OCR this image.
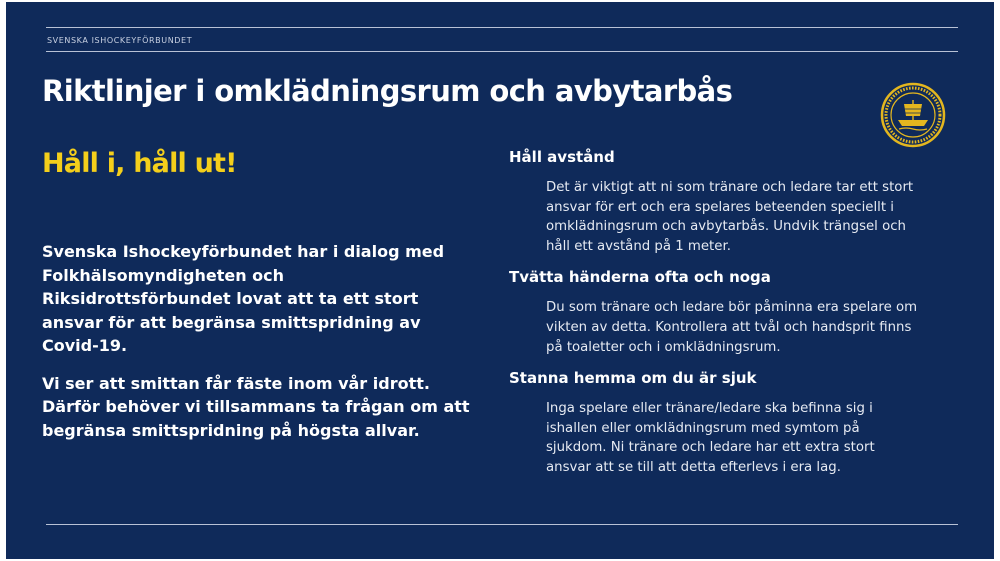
SVENSKA ISHOCKEYFÖRBUNDET
Riktlinjer i omklädningsrum och avbytarbås
Håll i, håll ut!

Svenska Ishockeyförbundet har i dialog med Folkhälsomyndigheten och Riksidrottsförbundet lovat att ta ett stort ansvar för att begränsa smittspridning av Covid-19.

Vi ser att smittan får fäste inom vår idrott. Därför behöver vi tillsammans ta frågan om att begränsa smittspridning på högsta allvar.

Håll avstånd
Det är viktigt att ni som tränare och ledare tar ett stort
ansvar för ert och era spelares beteenden speciellt i
omklädningsrum och avbytarbås. Undvik trängsel och
håll ett avstånd på 1 meter.
Tvätta händerna ofta och noga
Du som tränare och ledare bör påminna era spelare om
vikten av detta. Kontrollera att tvål och handsprit finns
på toaletter och i omklädningsrum.
Stanna hemma om du är sjuk
Inga spelare eller tränare/ledare ska befinna sig i
ishallen eller omklädningsrum med symtom på
sjukdom. Ni tränare och ledare har ett extra stort
ansvar att se till att detta efterlevs i era lag.
